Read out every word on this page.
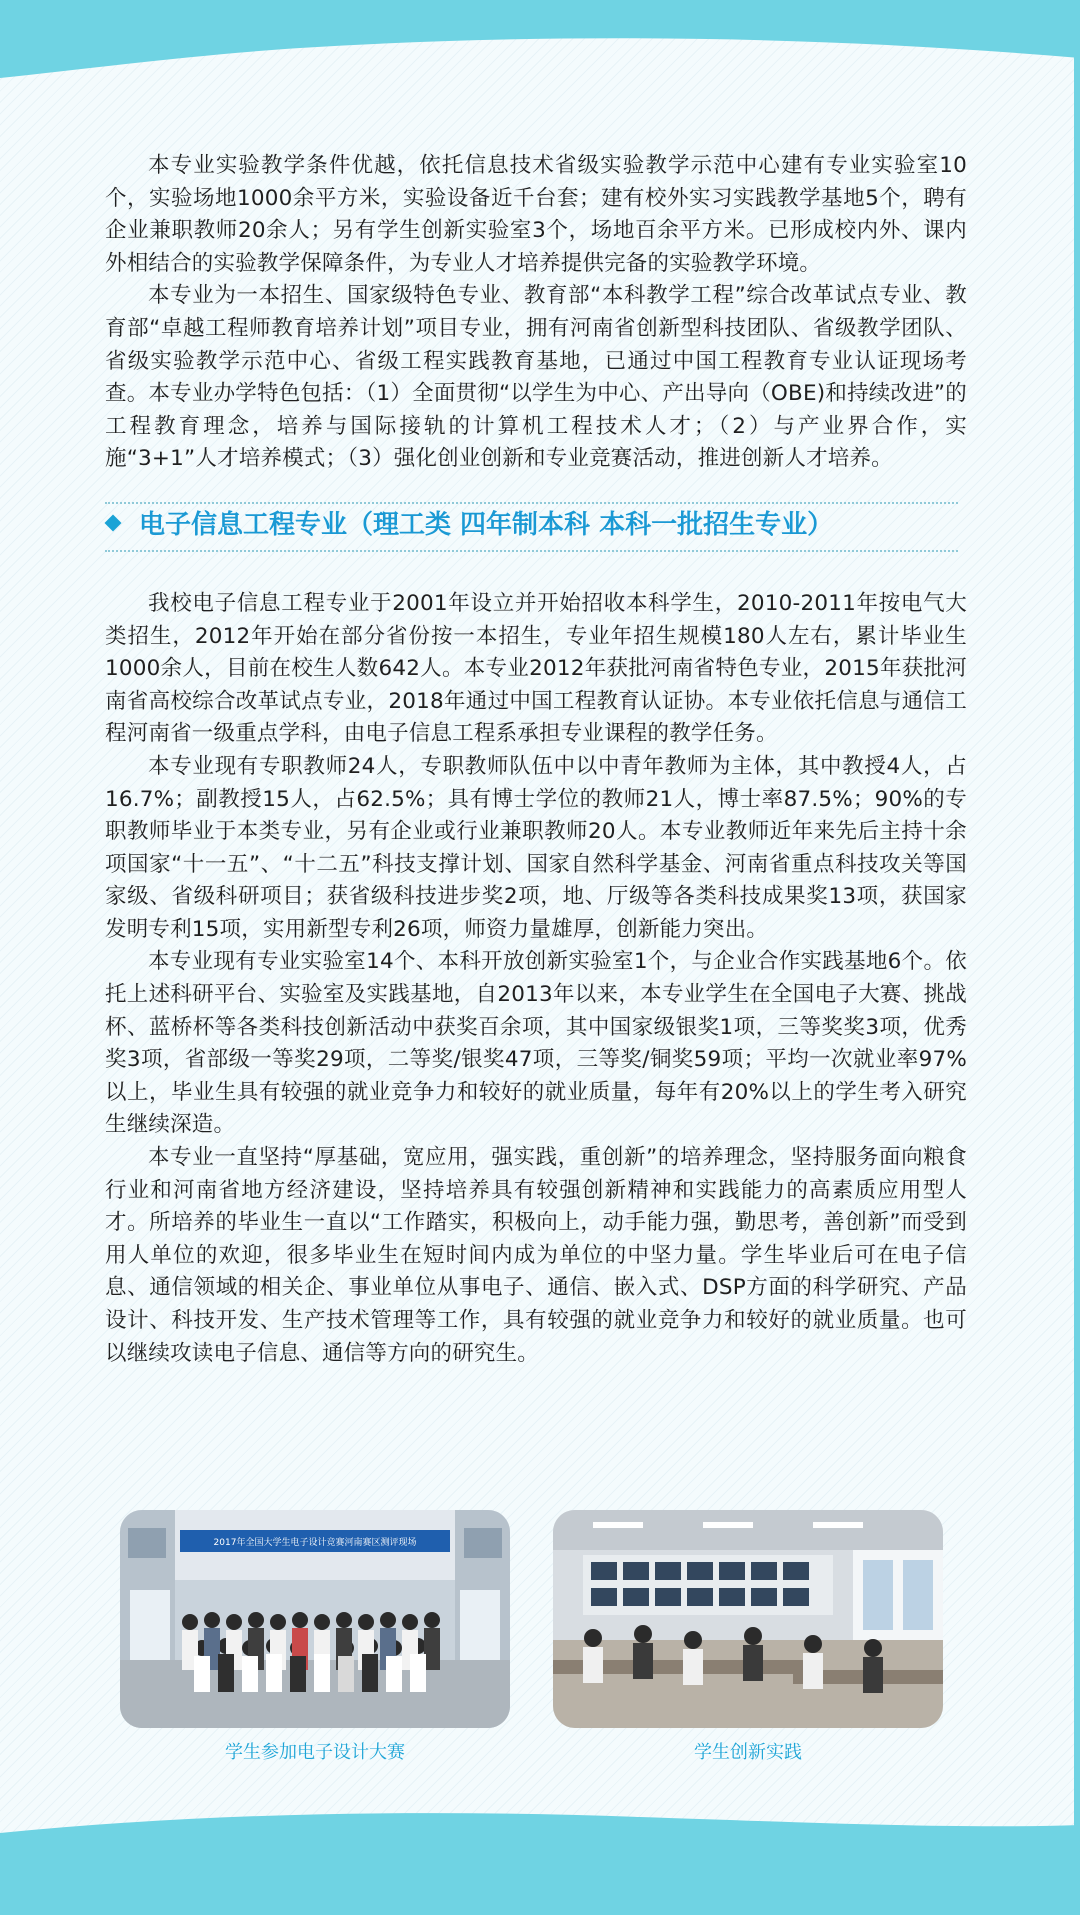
本专业实验教学条件优越，依托信息技术省级实验教学示范中心建有专业实验室10个，实验场地1000余平方米，实验设备近千台套；建有校外实习实践教学基地5个，聘有企业兼职教师20余人；另有学生创新实验室3个，场地百余平方米。已形成校内外、课内外相结合的实验教学保障条件，为专业人才培养提供完备的实验教学环境。

本专业为一本招生、国家级特色专业、教育部“本科教学工程”综合改革试点专业、教育部“卓越工程师教育培养计划”项目专业，拥有河南省创新型科技团队、省级教学团队、省级实验教学示范中心、省级工程实践教育基地，已通过中国工程教育专业认证现场考查。本专业办学特色包括：（1）全面贯彻“以学生为中心、产出导向（OBE)和持续改进”的工程教育理念，培养与国际接轨的计算机工程技术人才；（2）与产业界合作，实施“3+1”人才培养模式；（3）强化创业创新和专业竞赛活动，推进创新人才培养。

电子信息工程专业（理工类 四年制本科 本科一批招生专业）

我校电子信息工程专业于2001年设立并开始招收本科学生，2010-2011年按电气大类招生，2012年开始在部分省份按一本招生，专业年招生规模180人左右，累计毕业生1000余人，目前在校生人数642人。本专业2012年获批河南省特色专业，2015年获批河南省高校综合改革试点专业，2018年通过中国工程教育认证协。本专业依托信息与通信工程河南省一级重点学科，由电子信息工程系承担专业课程的教学任务。

本专业现有专职教师24人，专职教师队伍中以中青年教师为主体，其中教授4人，占16.7%；副教授15人，占62.5%；具有博士学位的教师21人，博士率87.5%；90%的专职教师毕业于本类专业，另有企业或行业兼职教师20人。本专业教师近年来先后主持十余项国家“十一五”、“十二五”科技支撑计划、国家自然科学基金、河南省重点科技攻关等国家级、省级科研项目；获省级科技进步奖2项，地、厅级等各类科技成果奖13项，获国家发明专利15项，实用新型专利26项，师资力量雄厚，创新能力突出。

本专业现有专业实验室14个、本科开放创新实验室1个，与企业合作实践基地6个。依托上述科研平台、实验室及实践基地，自2013年以来，本专业学生在全国电子大赛、挑战杯、蓝桥杯等各类科技创新活动中获奖百余项，其中国家级银奖1项，三等奖奖3项，优秀奖3项，省部级一等奖29项，二等奖/银奖47项，三等奖/铜奖59项；平均一次就业率97%以上，毕业生具有较强的就业竞争力和较好的就业质量，每年有20%以上的学生考入研究生继续深造。

本专业一直坚持“厚基础，宽应用，强实践，重创新”的培养理念，坚持服务面向粮食行业和河南省地方经济建设，坚持培养具有较强创新精神和实践能力的高素质应用型人才。所培养的毕业生一直以“工作踏实，积极向上，动手能力强，勤思考，善创新”而受到用人单位的欢迎，很多毕业生在短时间内成为单位的中坚力量。学生毕业后可在电子信息、通信领域的相关企、事业单位从事电子、通信、嵌入式、DSP方面的科学研究、产品设计、科技开发、生产技术管理等工作，具有较强的就业竞争力和较好的就业质量。也可以继续攻读电子信息、通信等方向的研究生。

2017年全国大学生电子设计竞赛河南赛区测评现场
学生参加电子设计大赛	学生创新实践
